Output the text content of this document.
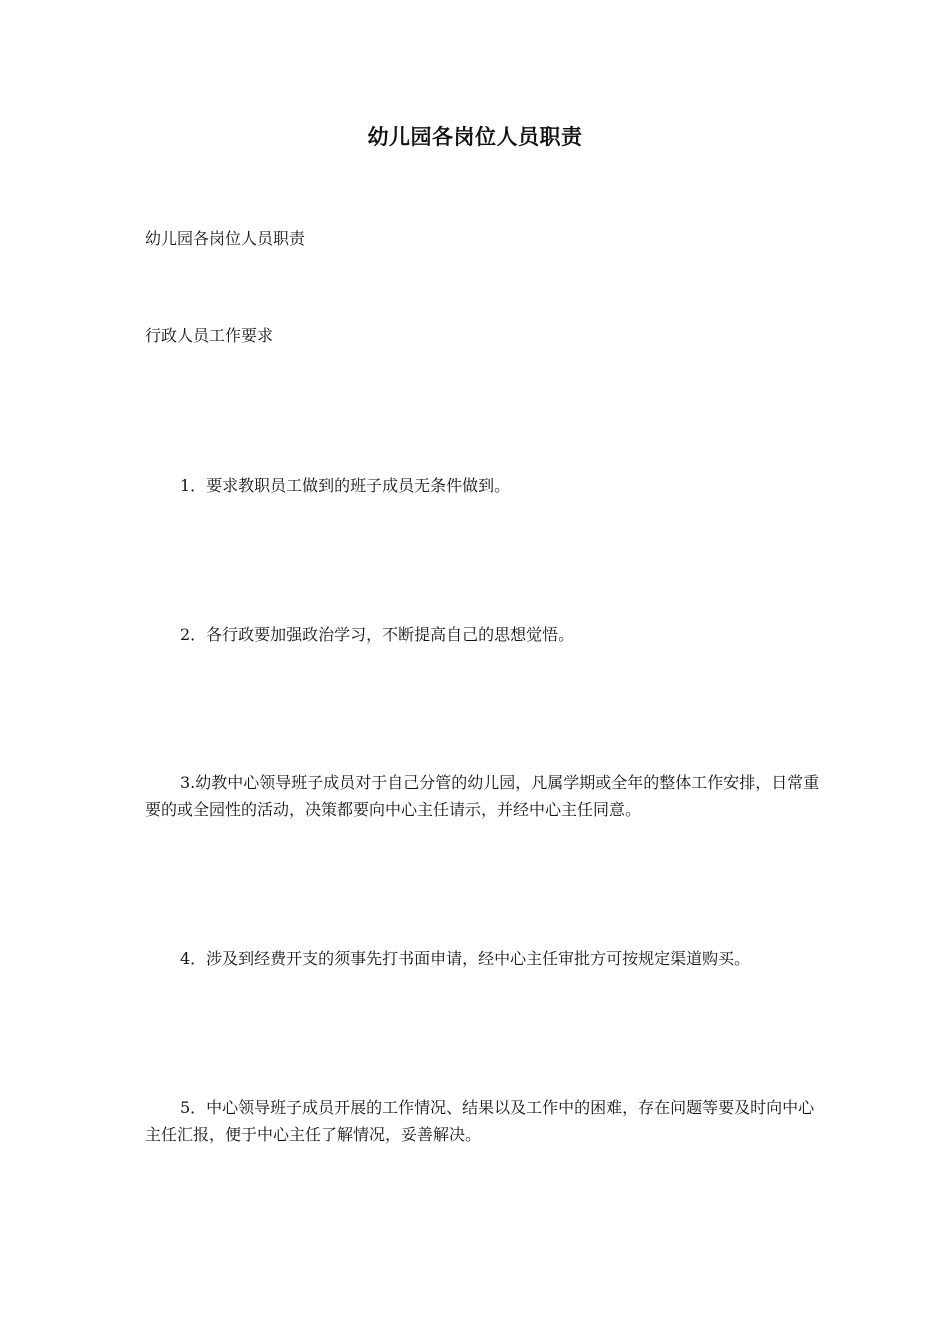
幼儿园各岗位人员职责

幼儿园各岗位人员职责

行政人员工作要求

1．要求教职员工做到的班子成员无条件做到。

2．各行政要加强政治学习，不断提高自己的思想觉悟。

3.幼教中心领导班子成员对于自己分管的幼儿园，凡属学期或全年的整体工作安排，日常重要的或全园性的活动，决策都要向中心主任请示，并经中心主任同意。

4．涉及到经费开支的须事先打书面申请，经中心主任审批方可按规定渠道购买。

5．中心领导班子成员开展的工作情况、结果以及工作中的困难，存在问题等要及时向中心主任汇报，便于中心主任了解情况，妥善解决。
